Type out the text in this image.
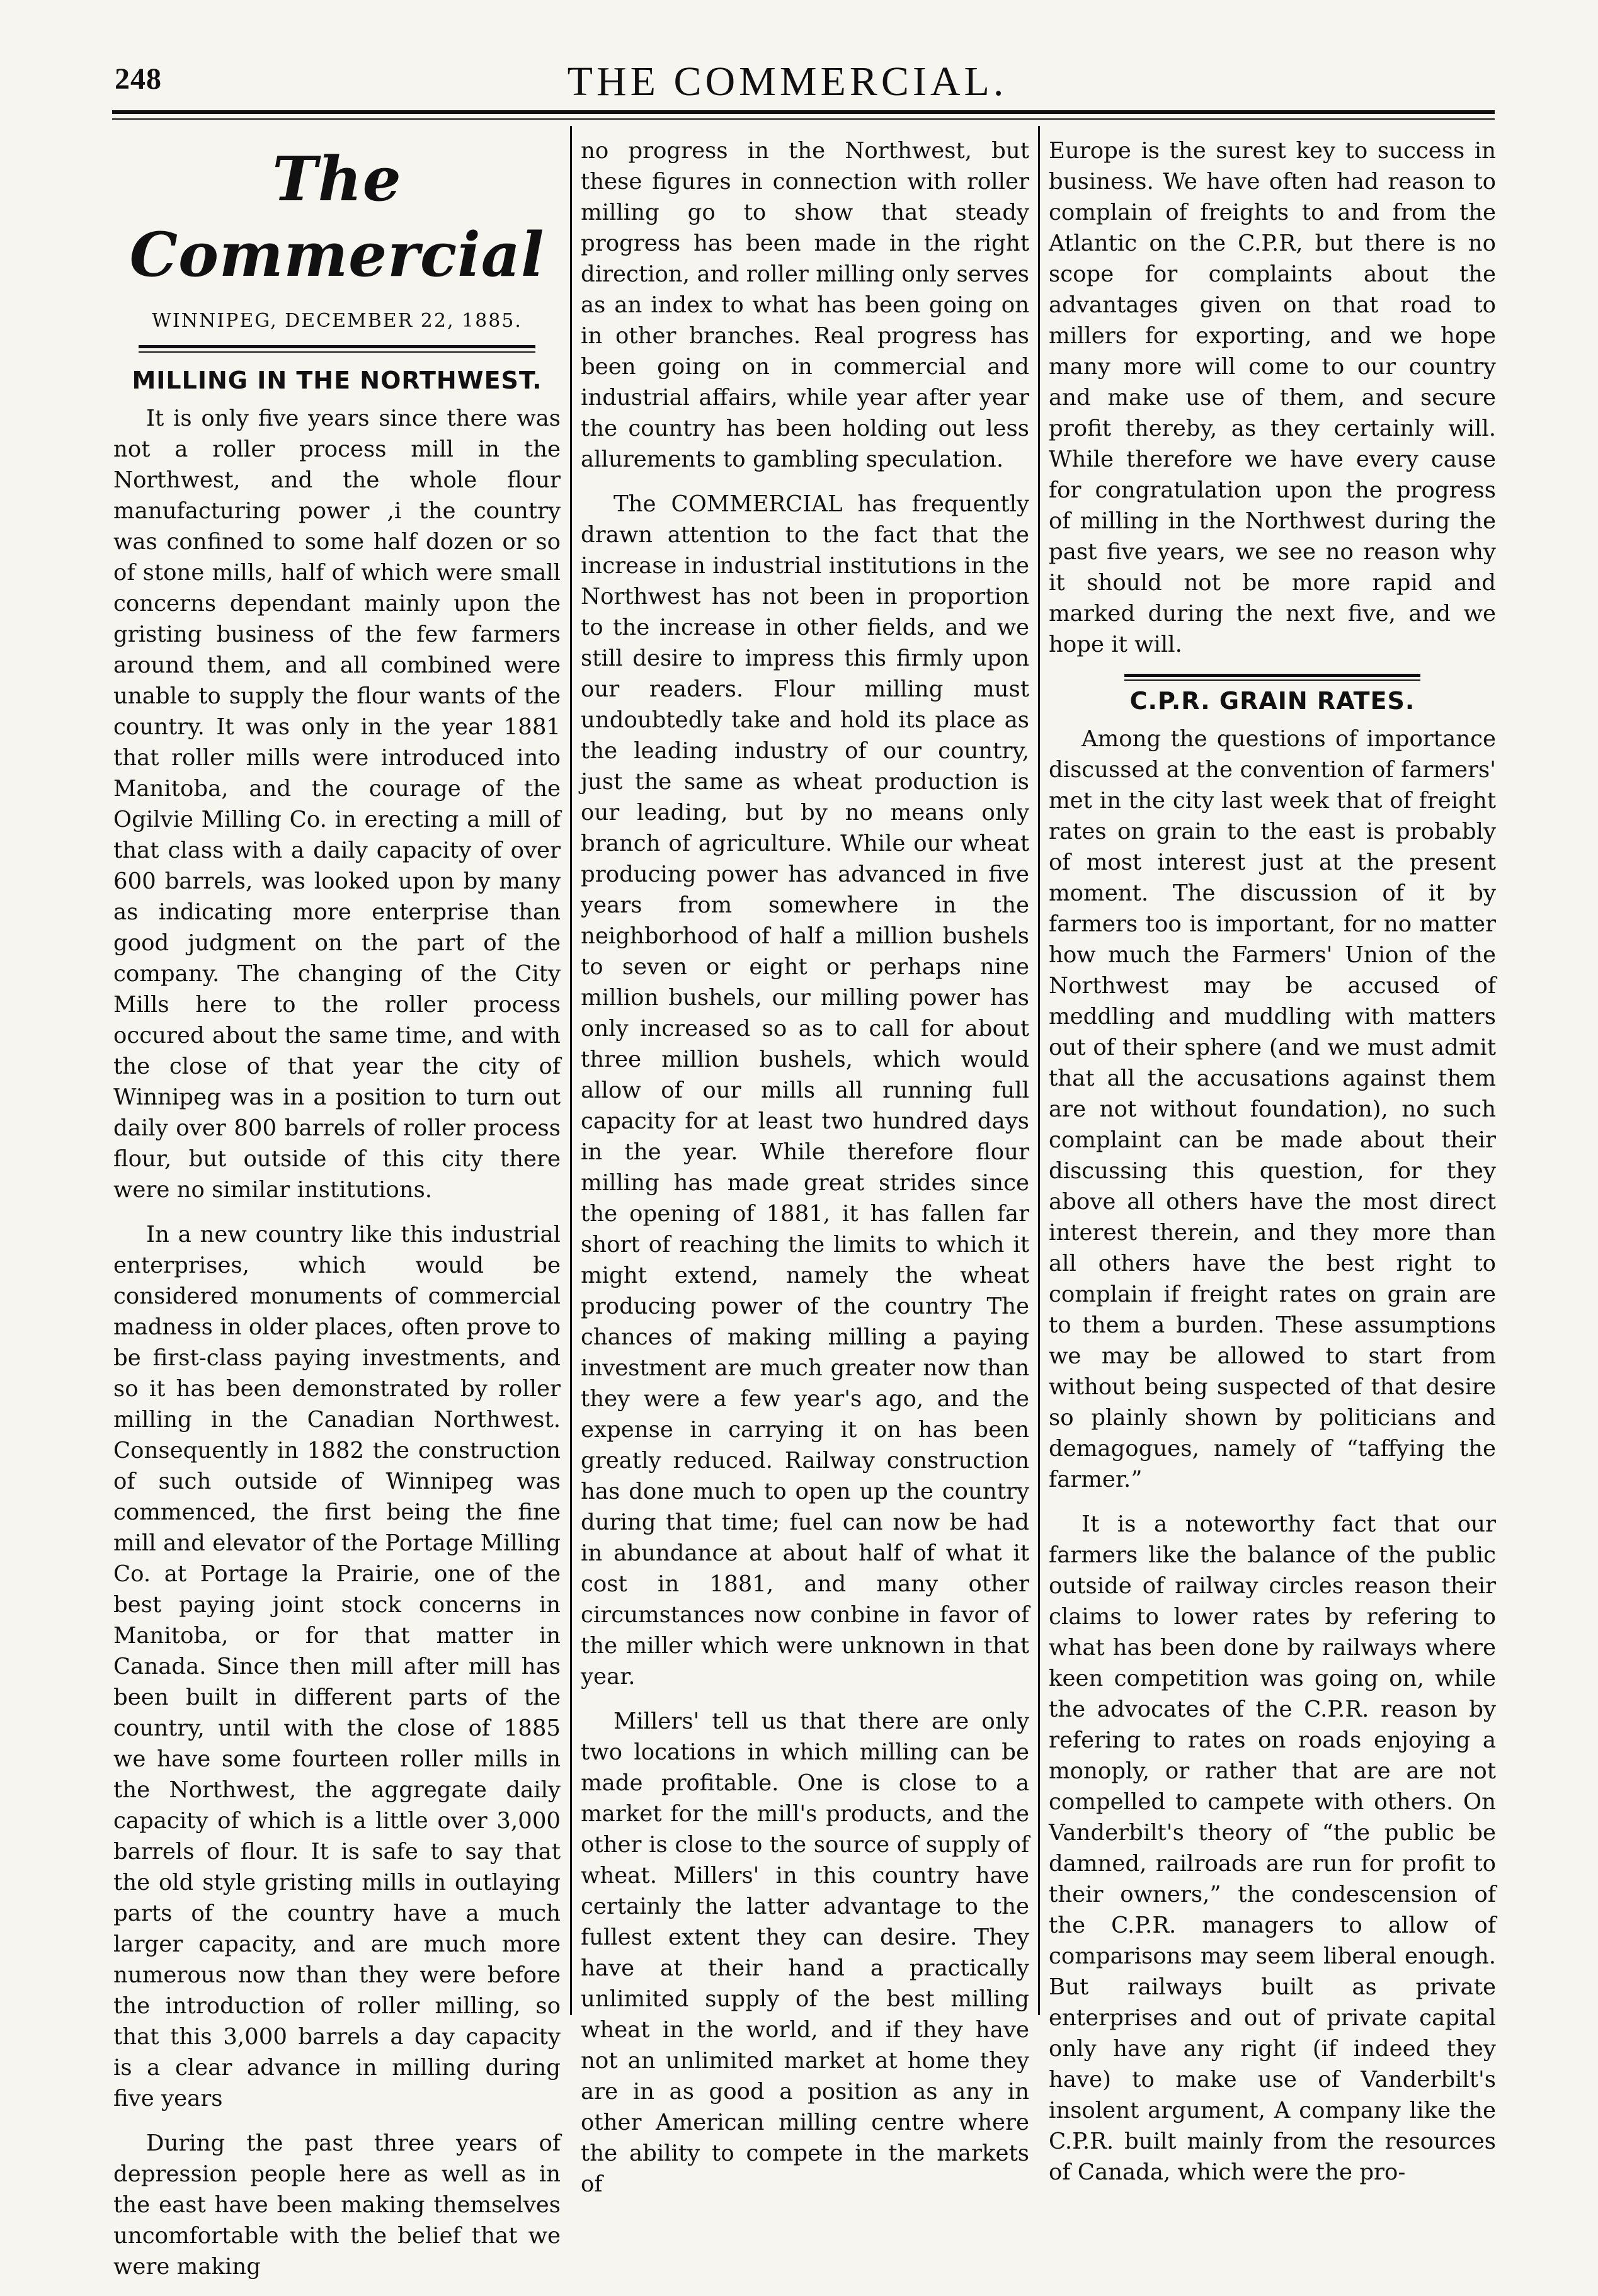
248	THE COMMERCIAL.
The Commercial
WINNIPEG, DECEMBER 22, 1885.
MILLING IN THE NORTHWEST.

It is only five years since there was not a roller process mill in the Northwest, and the whole flour manufacturing power ,i the country was confined to some half dozen or so of stone mills, half of which were small concerns dependant mainly upon the gristing business of the few farmers around them, and all combined were unable to supply the flour wants of the country. It was only in the year 1881 that roller mills were introduced into Manitoba, and the courage of the Ogilvie Milling Co. in erecting a mill of that class with a daily capacity of over 600 barrels, was looked upon by many as indicating more enterprise than good judgment on the part of the company. The changing of the City Mills here to the roller process occured about the same time, and with the close of that year the city of Winnipeg was in a position to turn out daily over 800 barrels of roller process flour, but outside of this city there were no similar institutions.

In a new country like this industrial enterprises, which would be considered monuments of commercial madness in older places, often prove to be first-class paying investments, and so it has been demonstrated by roller milling in the Canadian Northwest. Consequently in 1882 the construction of such outside of Winnipeg was commenced, the first being the fine mill and elevator of the Portage Milling Co. at Portage la Prairie, one of the best paying joint stock concerns in Manitoba, or for that matter in Canada. Since then mill after mill has been built in different parts of the country, until with the close of 1885 we have some fourteen roller mills in the Northwest, the aggregate daily capacity of which is a little over 3,000 barrels of flour. It is safe to say that the old style gristing mills in outlaying parts of the country have a much larger capacity, and are much more numerous now than they were before the introduction of roller milling, so that this 3,000 barrels a day capacity is a clear advance in milling during five years

During the past three years of depression people here as well as in the east have been making themselves uncomfortable with the belief that we were making

no progress in the Northwest, but these figures in connection with roller milling go to show that steady progress has been made in the right direction, and roller milling only serves as an index to what has been going on in other branches. Real progress has been going on in commercial and industrial affairs, while year after year the country has been holding out less allurements to gambling speculation.

The COMMERCIAL has frequently drawn attention to the fact that the increase in industrial institutions in the Northwest has not been in proportion to the increase in other fields, and we still desire to impress this firmly upon our readers. Flour milling must undoubtedly take and hold its place as the leading industry of our country, just the same as wheat production is our leading, but by no means only branch of agriculture. While our wheat producing power has advanced in five years from somewhere in the neighborhood of half a million bushels to seven or eight or perhaps nine million bushels, our milling power has only increased so as to call for about three million bushels, which would allow of our mills all running full capacity for at least two hundred days in the year. While therefore flour milling has made great strides since the opening of 1881, it has fallen far short of reaching the limits to which it might extend, namely the wheat producing power of the country The chances of making milling a paying investment are much greater now than they were a few year's ago, and the expense in carrying it on has been greatly reduced. Railway construction has done much to open up the country during that time; fuel can now be had in abundance at about half of what it cost in 1881, and many other circumstances now conbine in favor of the miller which were unknown in that year.

Millers' tell us that there are only two locations in which milling can be made profitable. One is close to a market for the mill's products, and the other is close to the source of supply of wheat. Millers' in this country have certainly the latter advantage to the fullest extent they can desire. They have at their hand a practically unlimited supply of the best milling wheat in the world, and if they have not an unlimited market at home they are in as good a position as any in other American milling centre where the ability to compete in the markets of

Europe is the surest key to success in business. We have often had reason to complain of freights to and from the Atlantic on the C.P.R, but there is no scope for complaints about the advantages given on that road to millers for exporting, and we hope many more will come to our country and make use of them, and secure profit thereby, as they certainly will. While therefore we have every cause for congratulation upon the progress of milling in the Northwest during the past five years, we see no reason why it should not be more rapid and marked during the next five, and we hope it will.

C.P.R. GRAIN RATES.

Among the questions of importance discussed at the convention of farmers' met in the city last week that of freight rates on grain to the east is probably of most interest just at the present moment. The discussion of it by farmers too is important, for no matter how much the Farmers' Union of the Northwest may be accused of meddling and muddling with matters out of their sphere (and we must admit that all the accusations against them are not without foundation), no such complaint can be made about their discussing this question, for they above all others have the most direct interest therein, and they more than all others have the best right to complain if freight rates on grain are to them a burden. These assumptions we may be allowed to start from without being suspected of that desire so plainly shown by politicians and demagogues, namely of “taffying the farmer.”

It is a noteworthy fact that our farmers like the balance of the public outside of railway circles reason their claims to lower rates by refering to what has been done by railways where keen competition was going on, while the advocates of the C.P.R. reason by refering to rates on roads enjoying a monoply, or rather that are are not compelled to campete with others. On Vanderbilt's theory of “the public be damned, railroads are run for profit to their owners,” the condescension of the C.P.R. managers to allow of comparisons may seem liberal enough. But railways built as private enterprises and out of private capital only have any right (if indeed they have) to make use of Vanderbilt's insolent argument, A company like the C.P.R. built mainly from the resources of Canada, which were the pro-
